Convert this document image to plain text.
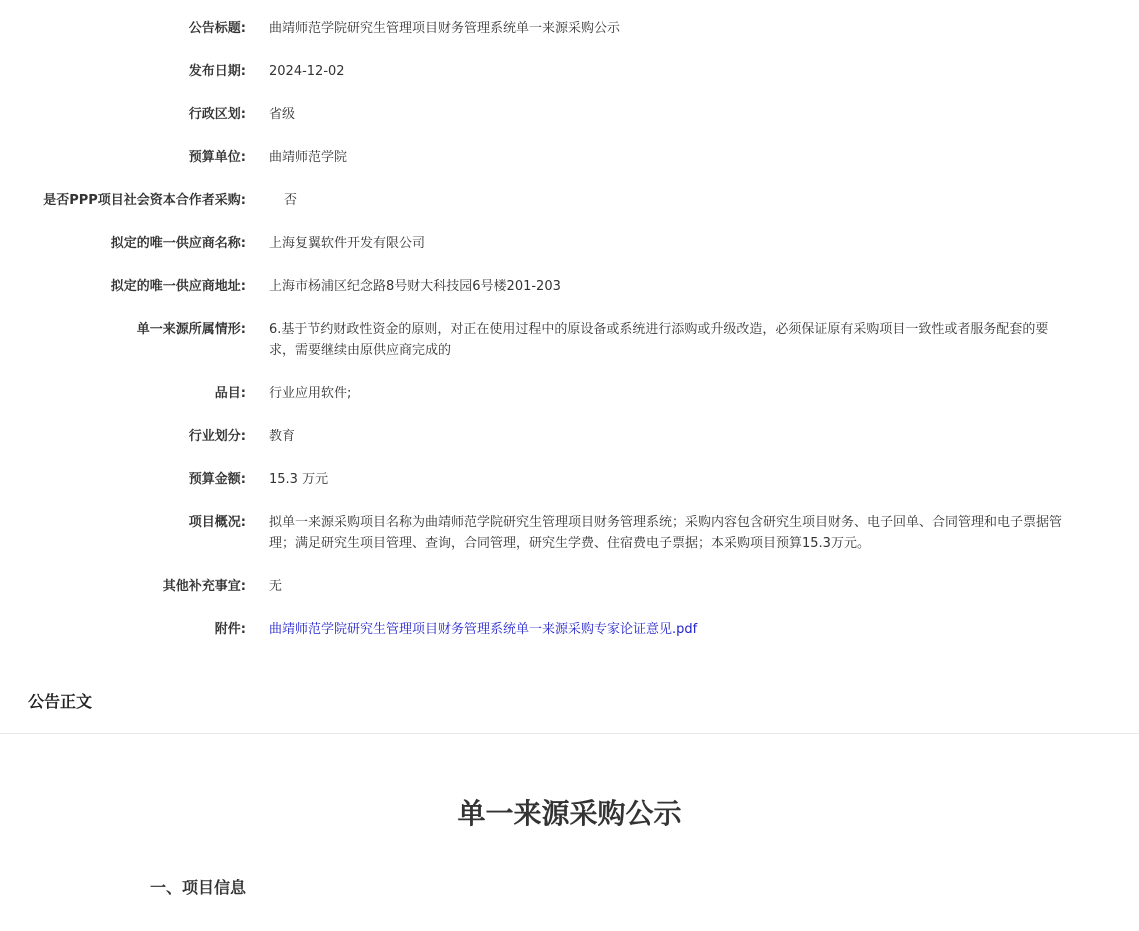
公告标题: 曲靖师范学院研究生管理项目财务管理系统单一来源采购公示
发布日期: 2024-12-02
行政区划: 省级
预算单位: 曲靖师范学院
是否PPP项目社会资本合作者采购:	否
拟定的唯一供应商名称: 上海复翼软件开发有限公司
拟定的唯一供应商地址: 上海市杨浦区纪念路8号财大科技园6号楼201-203
单一来源所属情形: 6.基于节约财政性资金的原则，对正在使用过程中的原设备或系统进行添购或升级改造，必须保证原有采购项目一致性或者服务配套的要求，需要继续由原供应商完成的
品目: 行业应用软件;
行业划分: 教育
预算金额: 15.3 万元
项目概况: 拟单一来源采购项目名称为曲靖师范学院研究生管理项目财务管理系统；采购内容包含研究生项目财务、电子回单、合同管理和电子票据管理；满足研究生项目管理、查询，合同管理，研究生学费、住宿费电子票据；本采购项目预算15.3万元。
其他补充事宜: 无
附件: 曲靖师范学院研究生管理项目财务管理系统单一来源采购专家论证意见.pdf
公告正文
单一来源采购公示
一、项目信息
